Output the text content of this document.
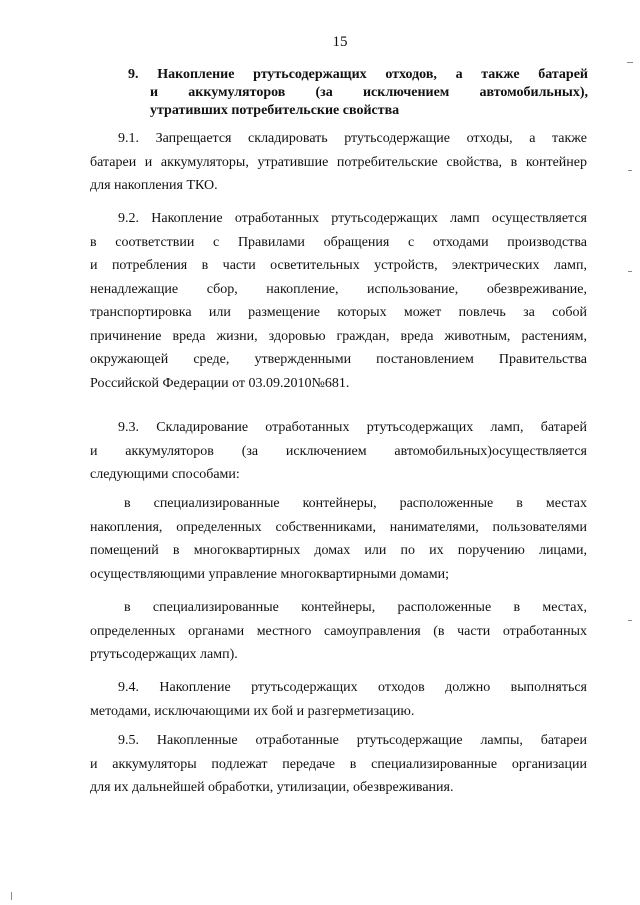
15
9. Накопление ртутьсодержащих отходов, а также батарей
и аккумуляторов (за исключением автомобильных),
утративших потребительские свойства
9.1. Запрещается складировать ртутьсодержащие отходы, а также
батареи и аккумуляторы, утратившие потребительские свойства, в контейнер
для накопления ТКО.
9.2. Накопление отработанных ртутьсодержащих ламп осуществляется
в соответствии с Правилами обращения с отходами производства
и потребления в части осветительных устройств, электрических ламп,
ненадлежащие сбор, накопление, использование, обезвреживание,
транспортировка или размещение которых может повлечь за собой
причинение вреда жизни, здоровью граждан, вреда животным, растениям,
окружающей среде, утвержденными постановлением Правительства
Российской Федерации от 03.09.2010№681.
9.3. Складирование отработанных ртутьсодержащих ламп, батарей
и аккумуляторов (за исключением автомобильных)осуществляется
следующими способами:
в специализированные контейнеры, расположенные в местах
накопления, определенных собственниками, нанимателями, пользователями
помещений в многоквартирных домах или по их поручению лицами,
осуществляющими управление многоквартирными домами;
в специализированные контейнеры, расположенные в местах,
определенных органами местного самоуправления (в части отработанных
ртутьсодержащих ламп).
9.4. Накопление ртутьсодержащих отходов должно выполняться
методами, исключающими их бой и разгерметизацию.
9.5. Накопленные отработанные ртутьсодержащие лампы, батареи
и аккумуляторы подлежат передаче в специализированные организации
для их дальнейшей обработки, утилизации, обезвреживания.
